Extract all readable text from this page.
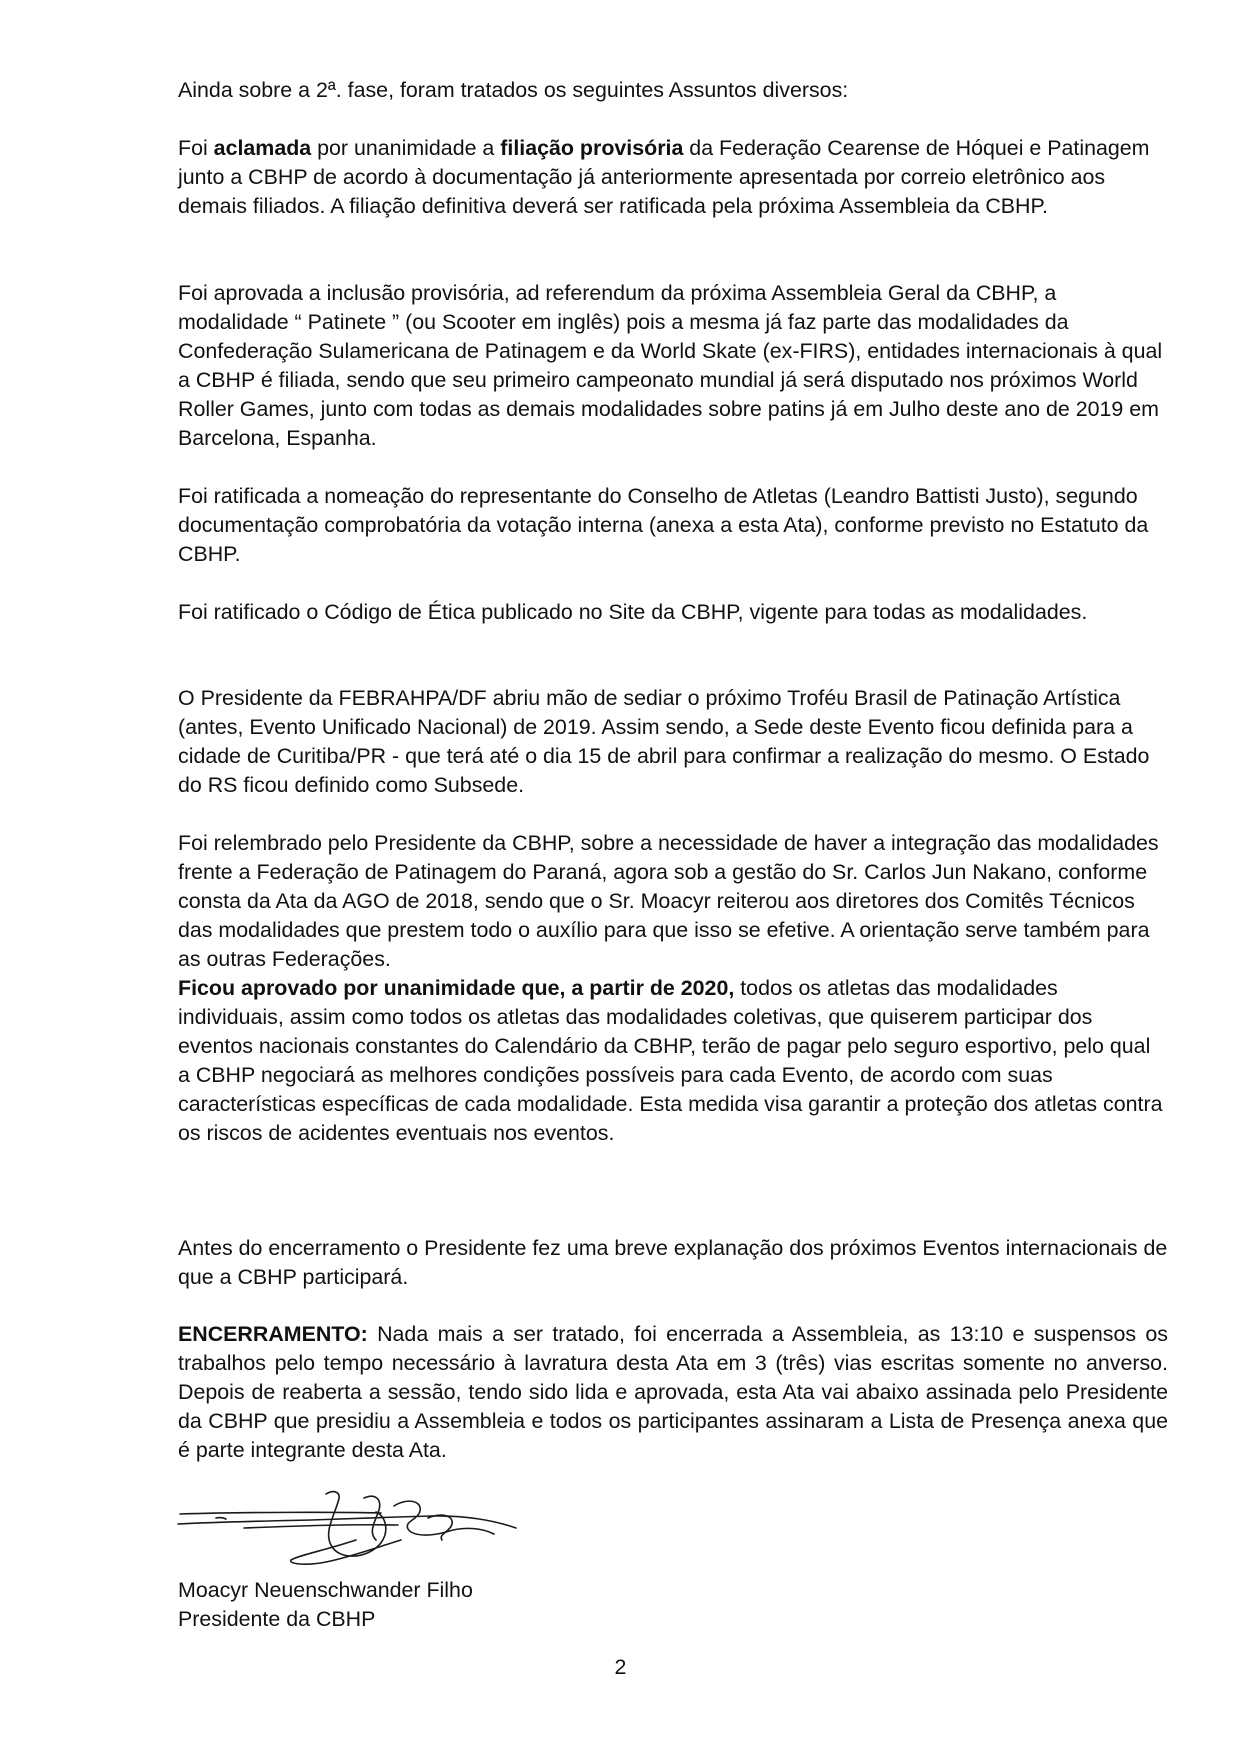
Ainda sobre a 2ª. fase, foram tratados os seguintes Assuntos diversos:

Foi aclamada por unanimidade a filiação provisória da Federação Cearense de Hóquei e Patinagem junto a CBHP de acordo à documentação já anteriormente apresentada por correio eletrônico aos demais filiados. A filiação definitiva deverá ser ratificada pela próxima Assembleia da CBHP.

Foi aprovada a inclusão provisória, ad referendum da próxima Assembleia Geral da CBHP, a modalidade “ Patinete ” (ou Scooter em inglês) pois a mesma já faz parte das modalidades da Confederação Sulamericana de Patinagem e da World Skate (ex-FIRS), entidades internacionais à qual a CBHP é filiada, sendo que seu primeiro campeonato mundial já será disputado nos próximos World Roller Games, junto com todas as demais modalidades sobre patins já em Julho deste ano de 2019 em Barcelona, Espanha.

Foi ratificada a nomeação do representante do Conselho de Atletas (Leandro Battisti Justo), segundo documentação comprobatória da votação interna (anexa a esta Ata), conforme previsto no Estatuto da CBHP.

Foi ratificado o Código de Ética publicado no Site da CBHP, vigente para todas as modalidades.

O Presidente da FEBRAHPA/DF abriu mão de sediar o próximo Troféu Brasil de Patinação Artística (antes, Evento Unificado Nacional) de 2019. Assim sendo, a Sede deste Evento ficou definida para a cidade de Curitiba/PR - que terá até o dia 15 de abril para confirmar a realização do mesmo. O Estado do RS ficou definido como Subsede.

Foi relembrado pelo Presidente da CBHP, sobre a necessidade de haver a integração das modalidades frente a Federação de Patinagem do Paraná, agora sob a gestão do Sr. Carlos Jun Nakano, conforme consta da Ata da AGO de 2018, sendo que o Sr. Moacyr reiterou aos diretores dos Comitês Técnicos das modalidades que prestem todo o auxílio para que isso se efetive. A orientação serve também para as outras Federações.

Ficou aprovado por unanimidade que, a partir de 2020, todos os atletas das modalidades individuais, assim como todos os atletas das modalidades coletivas, que quiserem participar dos eventos nacionais constantes do Calendário da CBHP, terão de pagar pelo seguro esportivo, pelo qual a CBHP negociará as melhores condições possíveis para cada Evento, de acordo com suas características específicas de cada modalidade. Esta medida visa garantir a proteção dos atletas contra os riscos de acidentes eventuais nos eventos.

Antes do encerramento o Presidente fez uma breve explanação dos próximos Eventos internacionais de que a CBHP participará.

ENCERRAMENTO: Nada mais a ser tratado, foi encerrada a Assembleia, as 13:10 e suspensos os trabalhos pelo tempo necessário à lavratura desta Ata em 3 (três) vias escritas somente no anverso. Depois de reaberta a sessão, tendo sido lida e aprovada, esta Ata vai abaixo assinada pelo Presidente da CBHP que presidiu a Assembleia e todos os participantes assinaram a Lista de Presença anexa que é parte integrante desta Ata.

Moacyr Neuenschwander Filho

Presidente da CBHP

2
